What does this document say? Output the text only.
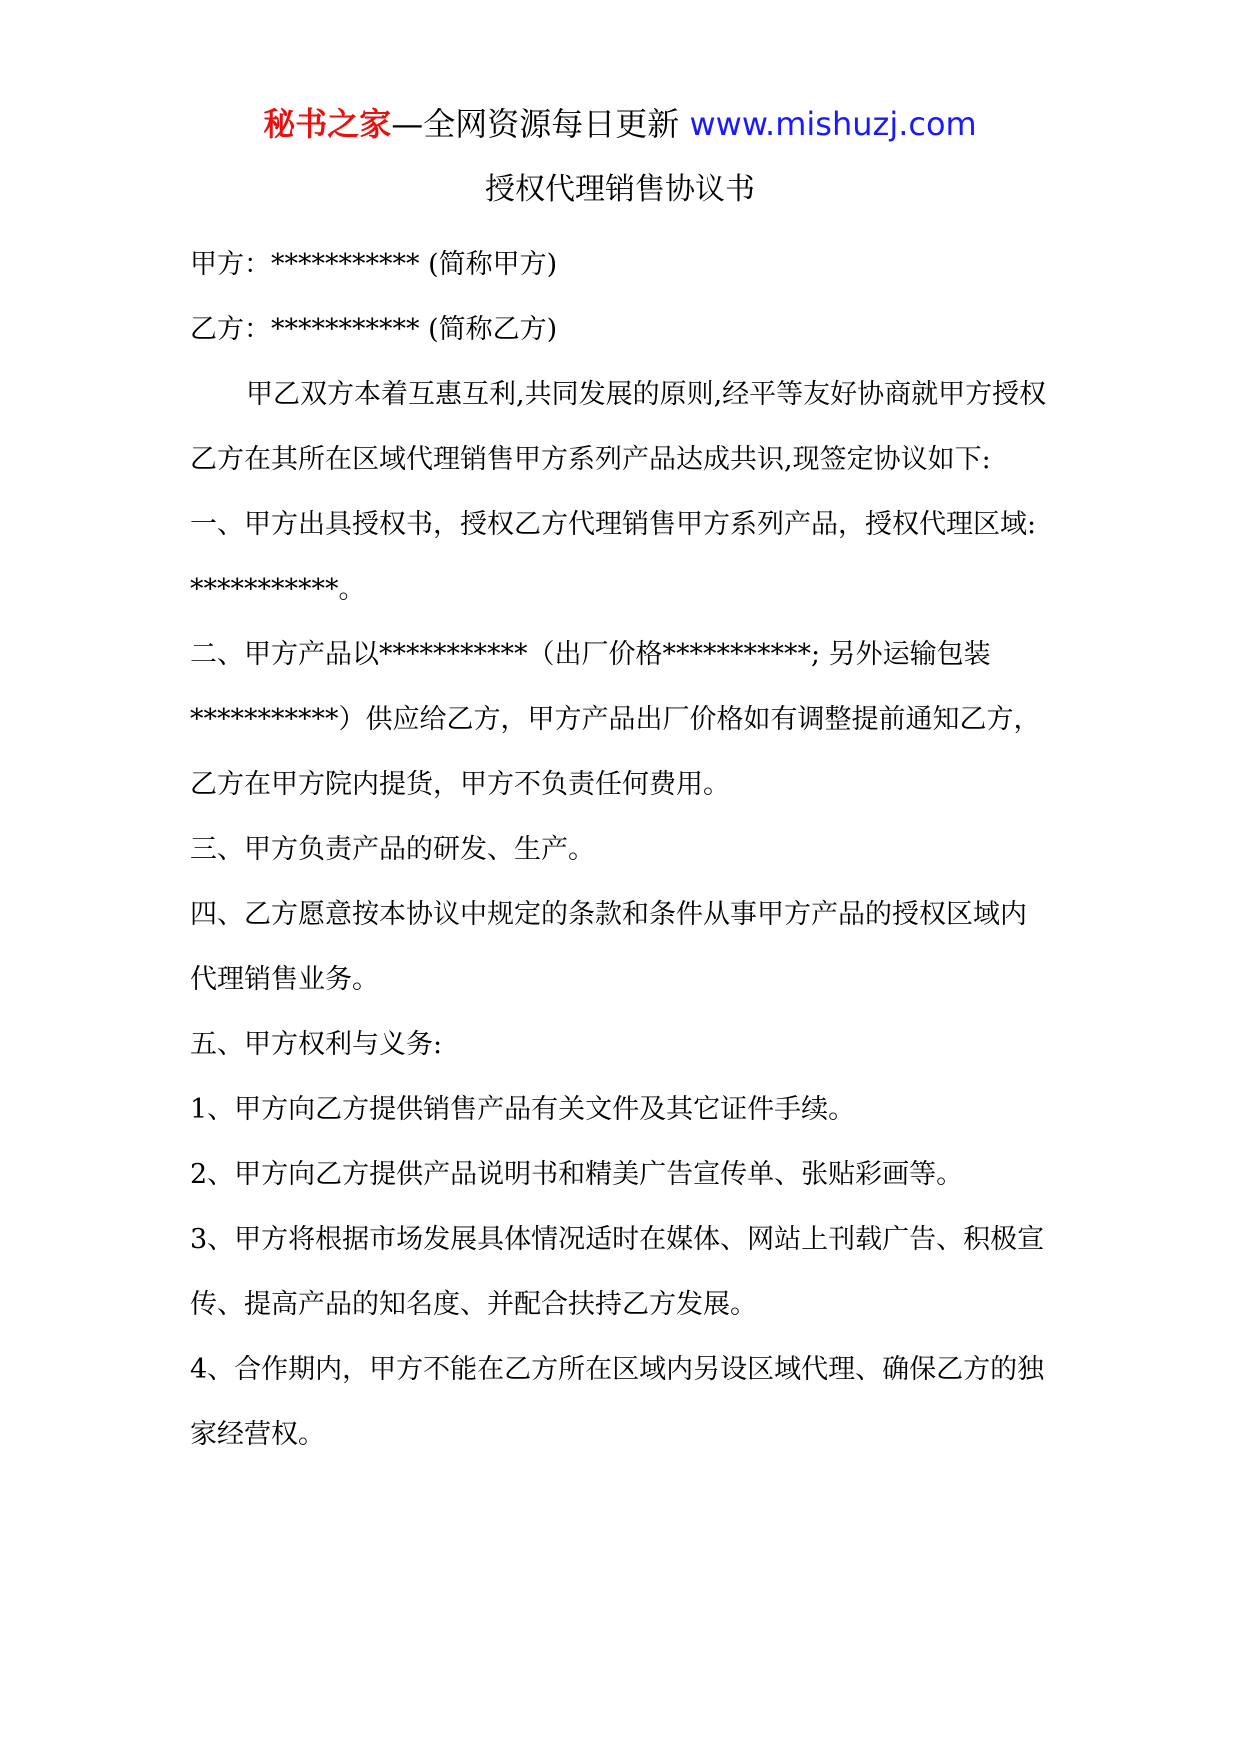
秘书之家—全网资源每日更新 www.mishuzj.com
授权代理销售协议书

甲方：*********** (简称甲方)

乙方：*********** (简称乙方)

甲乙双方本着互惠互利,共同发展的原则,经平等友好协商就甲方授权乙方在其所在区域代理销售甲方系列产品达成共识,现签定协议如下:

一、甲方出具授权书，授权乙方代理销售甲方系列产品，授权代理区域: ***********。

二、甲方产品以***********（出厂价格***********; 另外运输包装***********）供应给乙方，甲方产品出厂价格如有调整提前通知乙方，乙方在甲方院内提货，甲方不负责任何费用。

三、甲方负责产品的研发、生产。

四、乙方愿意按本协议中规定的条款和条件从事甲方产品的授权区域内代理销售业务。

五、甲方权利与义务:

1、甲方向乙方提供销售产品有关文件及其它证件手续。

2、甲方向乙方提供产品说明书和精美广告宣传单、张贴彩画等。

3、甲方将根据市场发展具体情况适时在媒体、网站上刊载广告、积极宣传、提高产品的知名度、并配合扶持乙方发展。

4、合作期内，甲方不能在乙方所在区域内另设区域代理、确保乙方的独家经营权。
